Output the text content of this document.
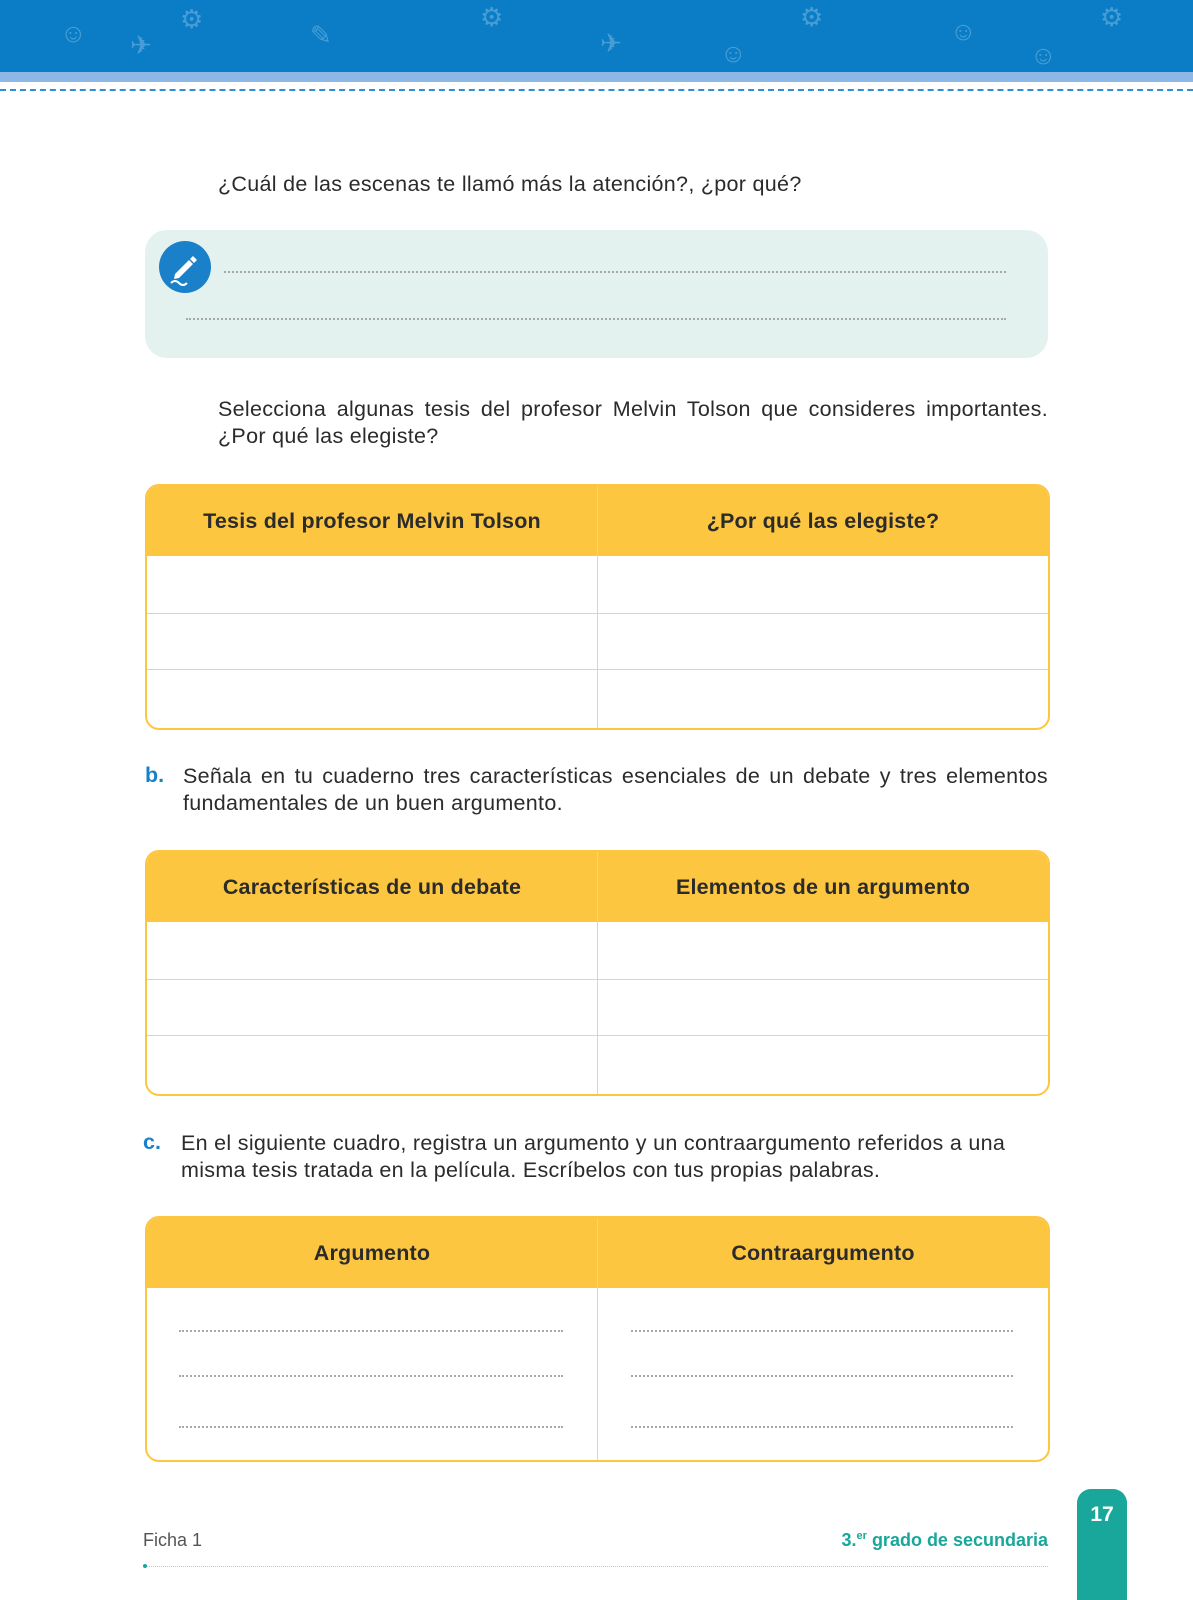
⚙
☺	✎
⚙
☺
⚙	☺	⚙
☺
✈	✈
¿Cuál de las escenas te llamó más la atención?, ¿por qué?
Selecciona algunas tesis del profesor Melvin Tolson que consideres importantes. ¿Por qué las elegiste?
Tesis del profesor Melvin Tolson	¿Por qué las elegiste?
b. Señala en tu cuaderno tres características esenciales de un debate y tres elementos fundamentales de un buen argumento.
Características de un debate	Elementos de un argumento
c. En el siguiente cuadro, registra un argumento y un contraargumento referidos a una misma tesis tratada en la película. Escríbelos con tus propias palabras.
Argumento	Contraargumento
Ficha 1	3.$^{er}$ grado de secundaria
17
